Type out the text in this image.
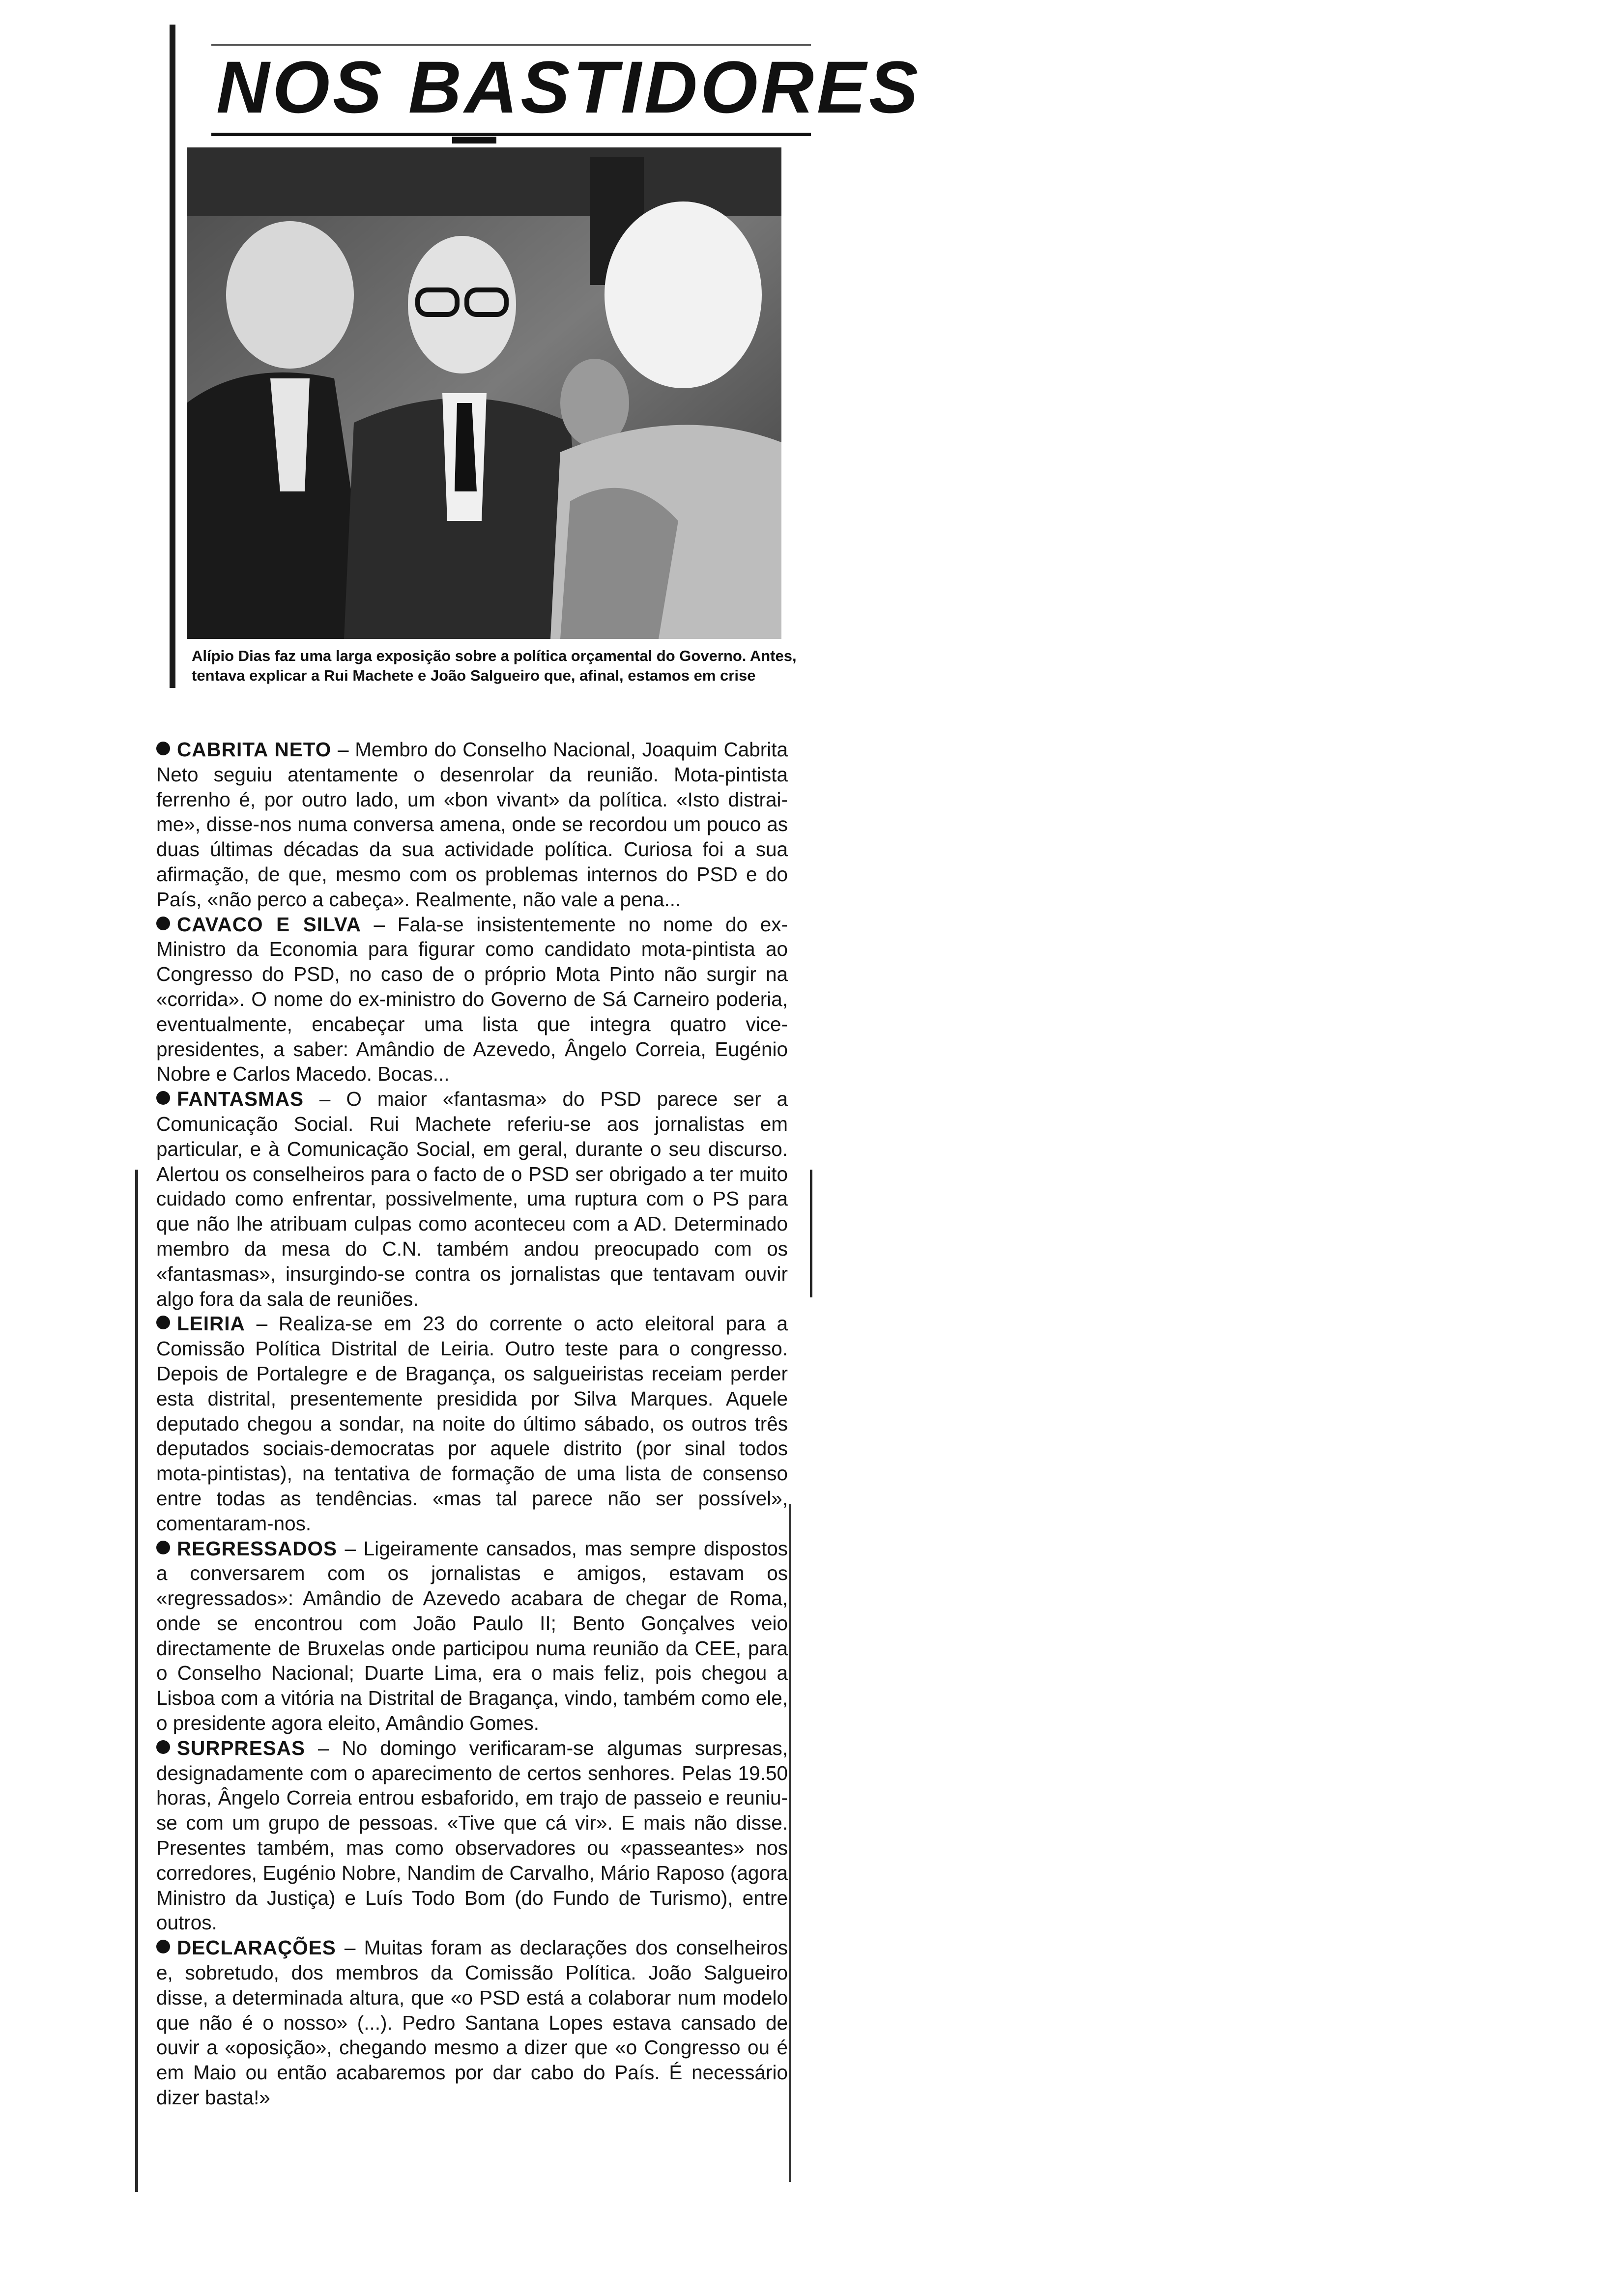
NOS BASTIDORES
Alípio Dias faz uma larga exposição sobre a política orçamental do Governo. Antes, tentava explicar a Rui Machete e João Salgueiro que, afinal, estamos em crise

CABRITA NETO – Membro do Conselho Nacional, Joaquim Cabrita Neto seguiu atentamente o desenrolar da reunião. Mota-pintista ferrenho é, por outro lado, um «bon vivant» da política. «Isto distrai-me», disse-nos numa conversa amena, onde se recordou um pouco as duas últimas décadas da sua actividade política. Curiosa foi a sua afirmação, de que, mesmo com os problemas internos do PSD e do País, «não perco a cabeça». Realmente, não vale a pena...

CAVACO E SILVA – Fala-se insistentemente no nome do ex-Ministro da Economia para figurar como candidato mota-pintista ao Congresso do PSD, no caso de o próprio Mota Pinto não surgir na «corrida». O nome do ex-ministro do Governo de Sá Carneiro poderia, eventualmente, encabeçar uma lista que integra quatro vice-presidentes, a saber: Amândio de Azevedo, Ângelo Correia, Eugénio Nobre e Carlos Macedo. Bocas...

FANTASMAS – O maior «fantasma» do PSD parece ser a Comunicação Social. Rui Machete referiu-se aos jornalistas em particular, e à Comunicação Social, em geral, durante o seu discurso. Alertou os conselheiros para o facto de o PSD ser obrigado a ter muito cuidado como enfrentar, possivelmente, uma ruptura com o PS para que não lhe atribuam culpas como aconteceu com a AD. Determinado membro da mesa do C.N. também andou preocupado com os «fantasmas», insurgindo-se contra os jornalistas que tentavam ouvir algo fora da sala de reuniões.

LEIRIA – Realiza-se em 23 do corrente o acto eleitoral para a Comissão Política Distrital de Leiria. Outro teste para o congresso. Depois de Portalegre e de Bragança, os salgueiristas receiam perder esta distrital, presentemente presidida por Silva Marques. Aquele deputado chegou a sondar, na noite do último sábado, os outros três deputados sociais-democratas por aquele distrito (por sinal todos mota-pintistas), na tentativa de formação de uma lista de consenso entre todas as tendências. «mas tal parece não ser possível», comentaram-nos.

REGRESSADOS – Ligeiramente cansados, mas sempre dispostos a conversarem com os jornalistas e amigos, estavam os «regressados»: Amândio de Azevedo acabara de chegar de Roma, onde se encontrou com João Paulo II; Bento Gonçalves veio directamente de Bruxelas onde participou numa reunião da CEE, para o Conselho Nacional; Duarte Lima, era o mais feliz, pois chegou a Lisboa com a vitória na Distrital de Bragança, vindo, também como ele, o presidente agora eleito, Amândio Gomes.

SURPRESAS – No domingo verificaram-se algumas surpresas, designadamente com o aparecimento de certos senhores. Pelas 19.50 horas, Ângelo Correia entrou esbaforido, em trajo de passeio e reuniu-se com um grupo de pessoas. «Tive que cá vir». E mais não disse. Presentes também, mas como observadores ou «passeantes» nos corredores, Eugénio Nobre, Nandim de Carvalho, Mário Raposo (agora Ministro da Justiça) e Luís Todo Bom (do Fundo de Turismo), entre outros.

DECLARAÇÕES – Muitas foram as declarações dos conselheiros e, sobretudo, dos membros da Comissão Política. João Salgueiro disse, a determinada altura, que «o PSD está a colaborar num modelo que não é o nosso» (...). Pedro Santana Lopes estava cansado de ouvir a «oposição», chegando mesmo a dizer que «o Congresso ou é em Maio ou então acabaremos por dar cabo do País. É necessário dizer basta!»
